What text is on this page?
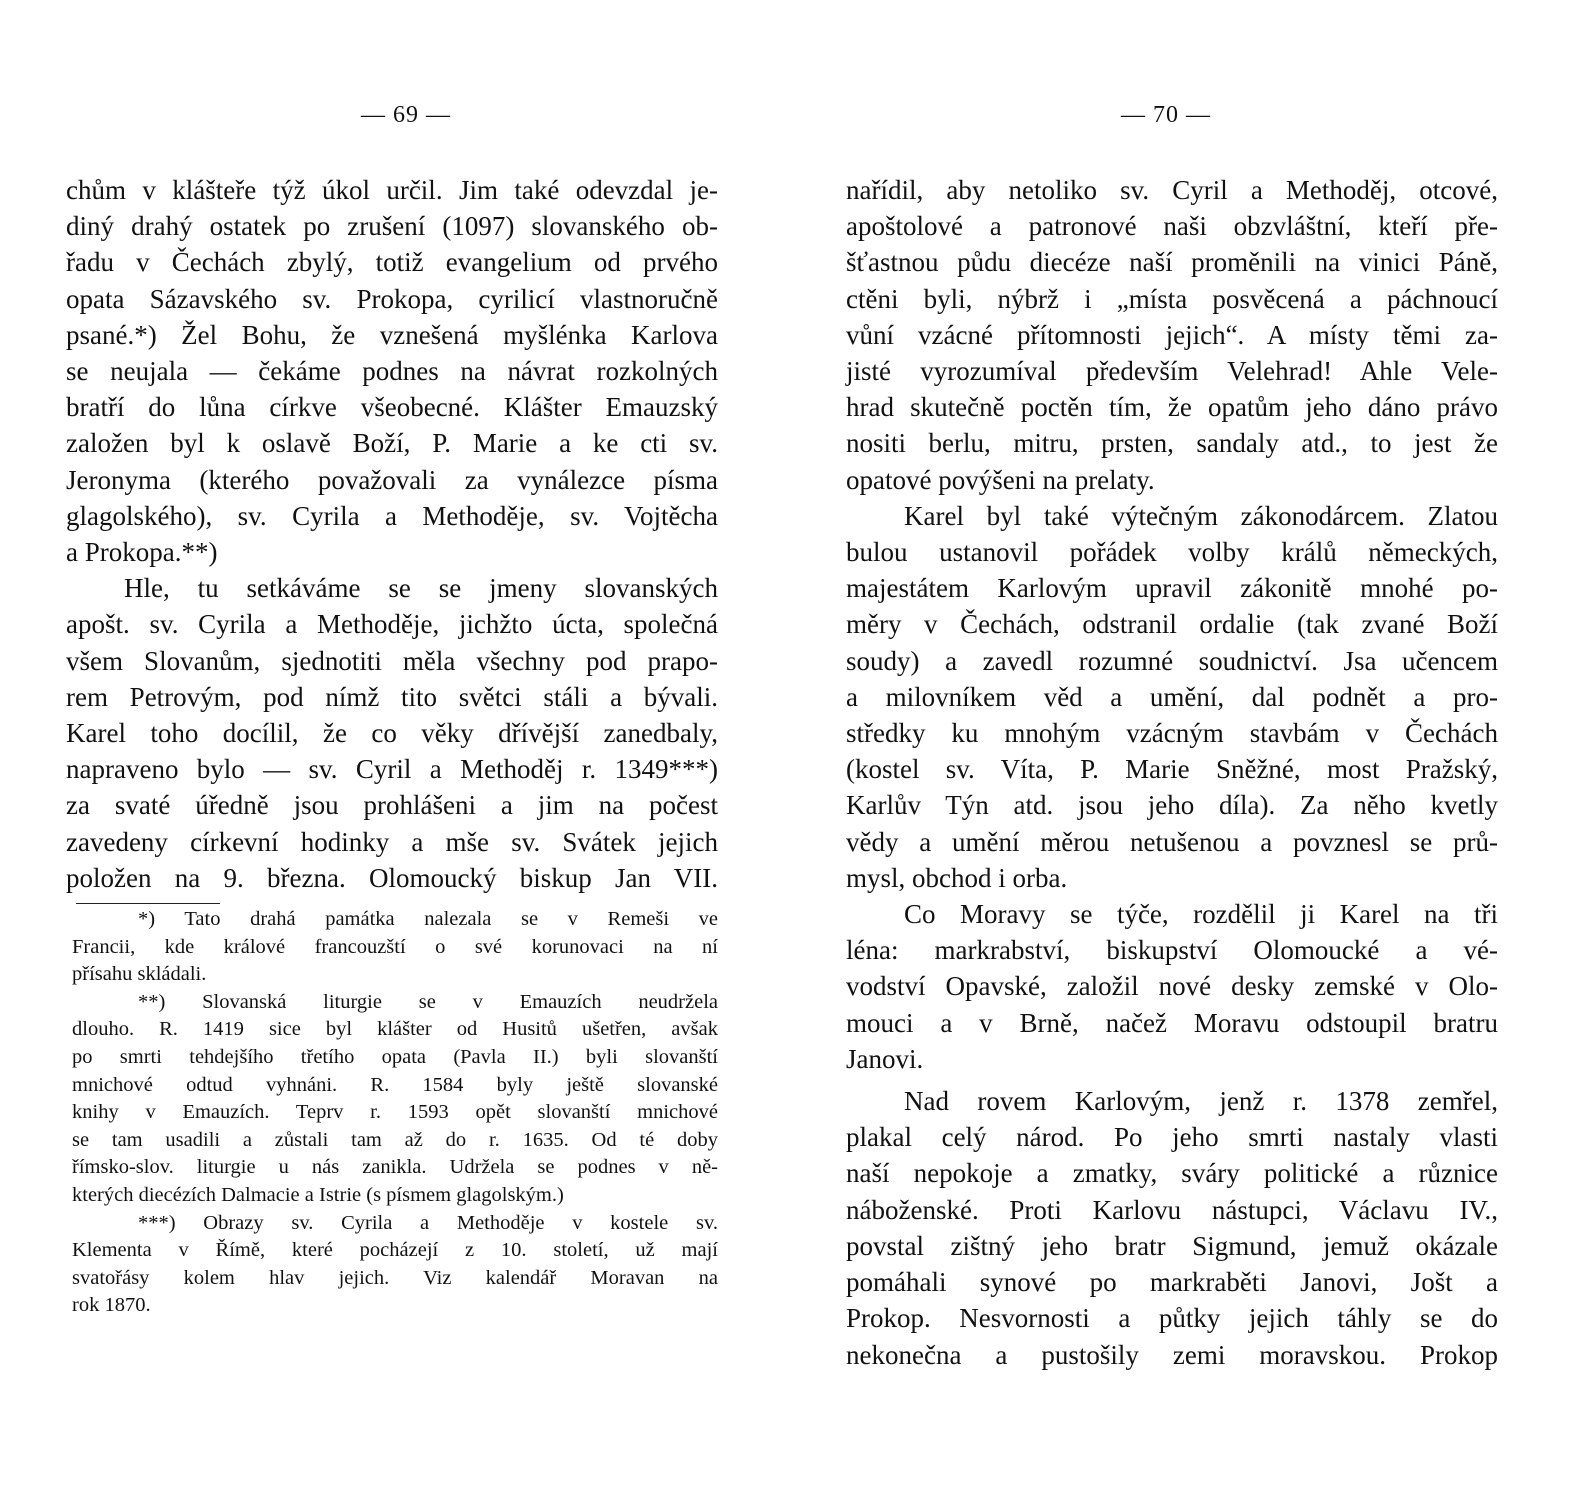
— 69 —
chům v klášteře týž úkol určil. Jim také odevzdal je-
diný drahý ostatek po zrušení (1097) slovanského ob-
řadu v Čechách zbylý, totiž evangelium od prvého
opata Sázavského sv. Prokopa, cyrilicí vlastnoručně
psané.*) Žel Bohu, že vznešená myšlénka Karlova
se neujala — čekáme podnes na návrat rozkolných
bratří do lůna církve všeobecné. Klášter Emauzský
založen byl k oslavě Boží, P. Marie a ke cti sv.
Jeronyma (kterého považovali za vynálezce písma
glagolského), sv. Cyrila a Methoděje, sv. Vojtěcha
a Prokopa.**)
Hle, tu setkáváme se se jmeny slovanských
apošt. sv. Cyrila a Methoděje, jichžto úcta, společná
všem Slovanům, sjednotiti měla všechny pod prapo-
rem Petrovým, pod nímž tito světci stáli a bývali.
Karel toho docílil, že co věky dřívější zanedbaly,
napraveno bylo — sv. Cyril a Methoděj r. 1349***)
za svaté úředně jsou prohlášeni a jim na počest
zavedeny církevní hodinky a mše sv. Svátek jejich
položen na 9. března. Olomoucký biskup Jan VII.
*) Tato drahá památka nalezala se v Remeši ve
Francii, kde králové francouzští o své korunovaci na ní
přísahu skládali.
**) Slovanská liturgie se v Emauzích neudržela
dlouho. R. 1419 sice byl klášter od Husitů ušetřen, avšak
po smrti tehdejšího třetího opata (Pavla II.) byli slovanští
mnichové odtud vyhnáni. R. 1584 byly ještě slovanské
knihy v Emauzích. Teprv r. 1593 opět slovanští mnichové
se tam usadili a zůstali tam až do r. 1635. Od té doby
římsko-slov. liturgie u nás zanikla. Udržela se podnes v ně-
kterých diecézích Dalmacie a Istrie (s písmem glagolským.)
***) Obrazy sv. Cyrila a Methoděje v kostele sv.
Klementa v Římě, které pocházejí z 10. století, už mají
svatořásy kolem hlav jejich. Viz kalendář Moravan na
rok 1870.
— 70 —
nařídil, aby netoliko sv. Cyril a Methoděj, otcové,
apoštolové a patronové naši obzvláštní, kteří pře-
šťastnou půdu diecéze naší proměnili na vinici Páně,
ctěni byli, nýbrž i „místa posvěcená a páchnoucí
vůní vzácné přítomnosti jejich“. A místy těmi za-
jisté vyrozumíval především Velehrad! Ahle Vele-
hrad skutečně poctěn tím, že opatům jeho dáno právo
nositi berlu, mitru, prsten, sandaly atd., to jest že
opatové povýšeni na prelaty.
Karel byl také výtečným zákonodárcem. Zlatou
bulou ustanovil pořádek volby králů německých,
majestátem Karlovým upravil zákonitě mnohé po-
měry v Čechách, odstranil ordalie (tak zvané Boží
soudy) a zavedl rozumné soudnictví. Jsa učencem
a milovníkem věd a umění, dal podnět a pro-
středky ku mnohým vzácným stavbám v Čechách
(kostel sv. Víta, P. Marie Sněžné, most Pražský,
Karlův Týn atd. jsou jeho díla). Za něho kvetly
vědy a umění měrou netušenou a povznesl se prů-
mysl, obchod i orba.
Co Moravy se týče, rozdělil ji Karel na tři
léna: markrabství, biskupství Olomoucké a vé-
vodství Opavské, založil nové desky zemské v Olo-
mouci a v Brně, načež Moravu odstoupil bratru
Janovi.
Nad rovem Karlovým, jenž r. 1378 zemřel,
plakal celý národ. Po jeho smrti nastaly vlasti
naší nepokoje a zmatky, sváry politické a různice
náboženské. Proti Karlovu nástupci, Václavu IV.,
povstal zištný jeho bratr Sigmund, jemuž okázale
pomáhali synové po markraběti Janovi, Jošt a
Prokop. Nesvornosti a půtky jejich táhly se do
nekonečna a pustošily zemi moravskou. Prokop
